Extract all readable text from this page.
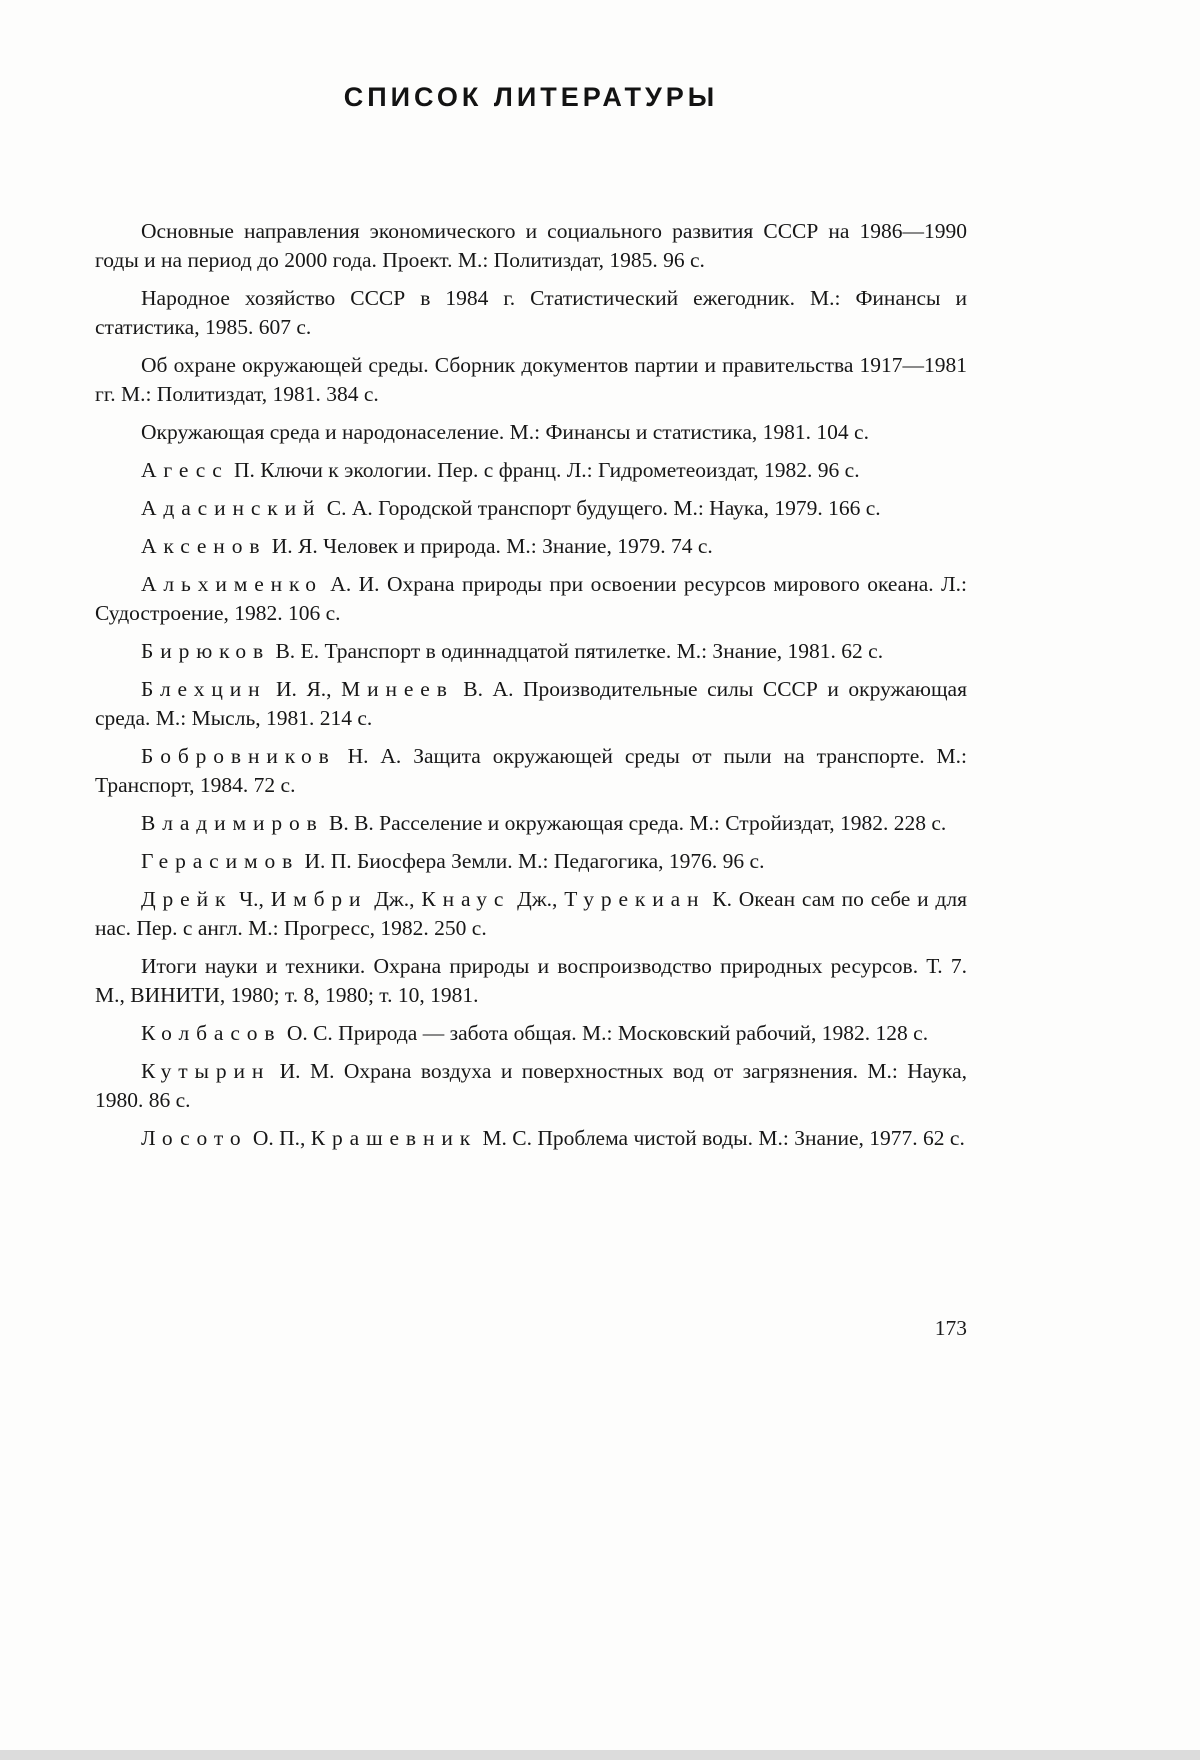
СПИСОК ЛИТЕРАТУРЫ

Основные направления экономического и социального развития СССР на 1986—1990 годы и на период до 2000 года. Проект. М.: Политиздат, 1985. 96 с.

Народное хозяйство СССР в 1984 г. Статистический ежегодник. М.: Финансы и статистика, 1985. 607 с.

Об охране окружающей среды. Сборник документов партии и правительства 1917—1981 гг. М.: Политиздат, 1981. 384 с.

Окружающая среда и народонаселение. М.: Финансы и статистика, 1981. 104 с.

Агесс П. Ключи к экологии. Пер. с франц. Л.: Гидрометеоиздат, 1982. 96 с.

Адасинский С. А. Городской транспорт будущего. М.: Наука, 1979. 166 с.

Аксенов И. Я. Человек и природа. М.: Знание, 1979. 74 с.

Альхименко А. И. Охрана природы при освоении ресурсов мирового океана. Л.: Судостроение, 1982. 106 с.

Бирюков В. Е. Транспорт в одиннадцатой пятилетке. М.: Знание, 1981. 62 с.

Блехцин И. Я., Минеев В. А. Производительные силы СССР и окружающая среда. М.: Мысль, 1981. 214 с.

Бобровников Н. А. Защита окружающей среды от пыли на транспорте. М.: Транспорт, 1984. 72 с.

Владимиров В. В. Расселение и окружающая среда. М.: Стройиздат, 1982. 228 с.

Герасимов И. П. Биосфера Земли. М.: Педагогика, 1976. 96 с.

Дрейк Ч., Имбри Дж., Кнаус Дж., Турекиан К. Океан сам по себе и для нас. Пер. с англ. М.: Прогресс, 1982. 250 с.

Итоги науки и техники. Охрана природы и воспроизводство природных ресурсов. Т. 7. М., ВИНИТИ, 1980; т. 8, 1980; т. 10, 1981.

Колбасов О. С. Природа — забота общая. М.: Московский рабочий, 1982. 128 с.

Кутырин И. М. Охрана воздуха и поверхностных вод от загрязнения. М.: Наука, 1980. 86 с.

Лосото О. П., Крашевник М. С. Проблема чистой воды. М.: Знание, 1977. 62 с.

173
